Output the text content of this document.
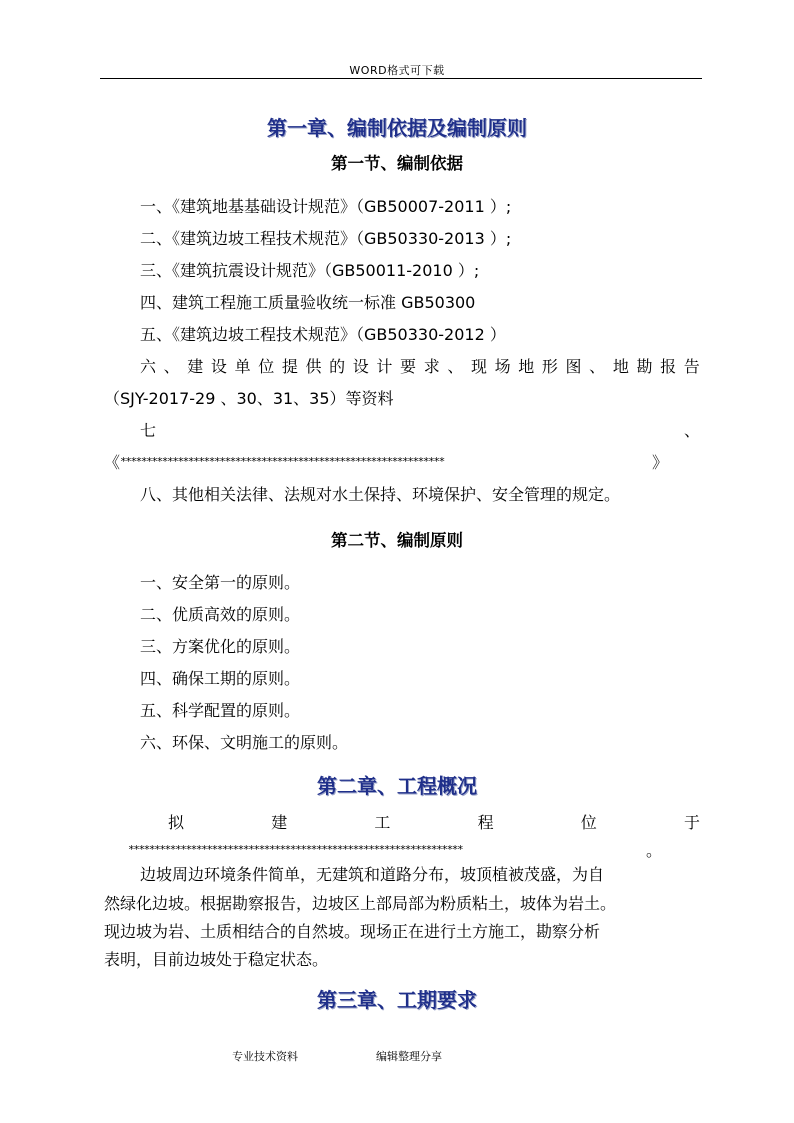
WORD格式可下载
第一章、编制依据及编制原则
第一节、编制依据
一、《建筑地基基础设计规范》（GB50007-2011 ）;
二、《建筑边坡工程技术规范》（GB50330-2013 ）;
三、《建筑抗震设计规范》（GB50011-2010 ）;
四、建筑工程施工质量验收统一标准 GB50300
五、《建筑边坡工程技术规范》（GB50330-2012 ）
六 、 建 设 单 位 提 供 的 设 计 要 求 、 现 场 地 形 图 、 地 勘 报 告
（SJY-2017-29 、30、31、35）等资料
七	、
《 **************************************************************	》
八、其他相关法律、法规对水土保持、环境保护、安全管理的规定。
第二节、编制原则
一、安全第一的原则。
二、优质高效的原则。
三、方案优化的原则。
四、确保工期的原则。
五、科学配置的原则。
六、环保、文明施工的原则。
第二章、工程概况
拟	建	工	程	位	于
****************************************************************	。
边坡周边环境条件简单，无建筑和道路分布，坡顶植被茂盛，为自
然绿化边坡。根据勘察报告，边坡区上部局部为粉质粘土，坡体为岩土。
现边坡为岩、土质相结合的自然坡。现场正在进行土方施工，勘察分析
表明，目前边坡处于稳定状态。
第三章、工期要求
专业技术资料	编辑整理分享
